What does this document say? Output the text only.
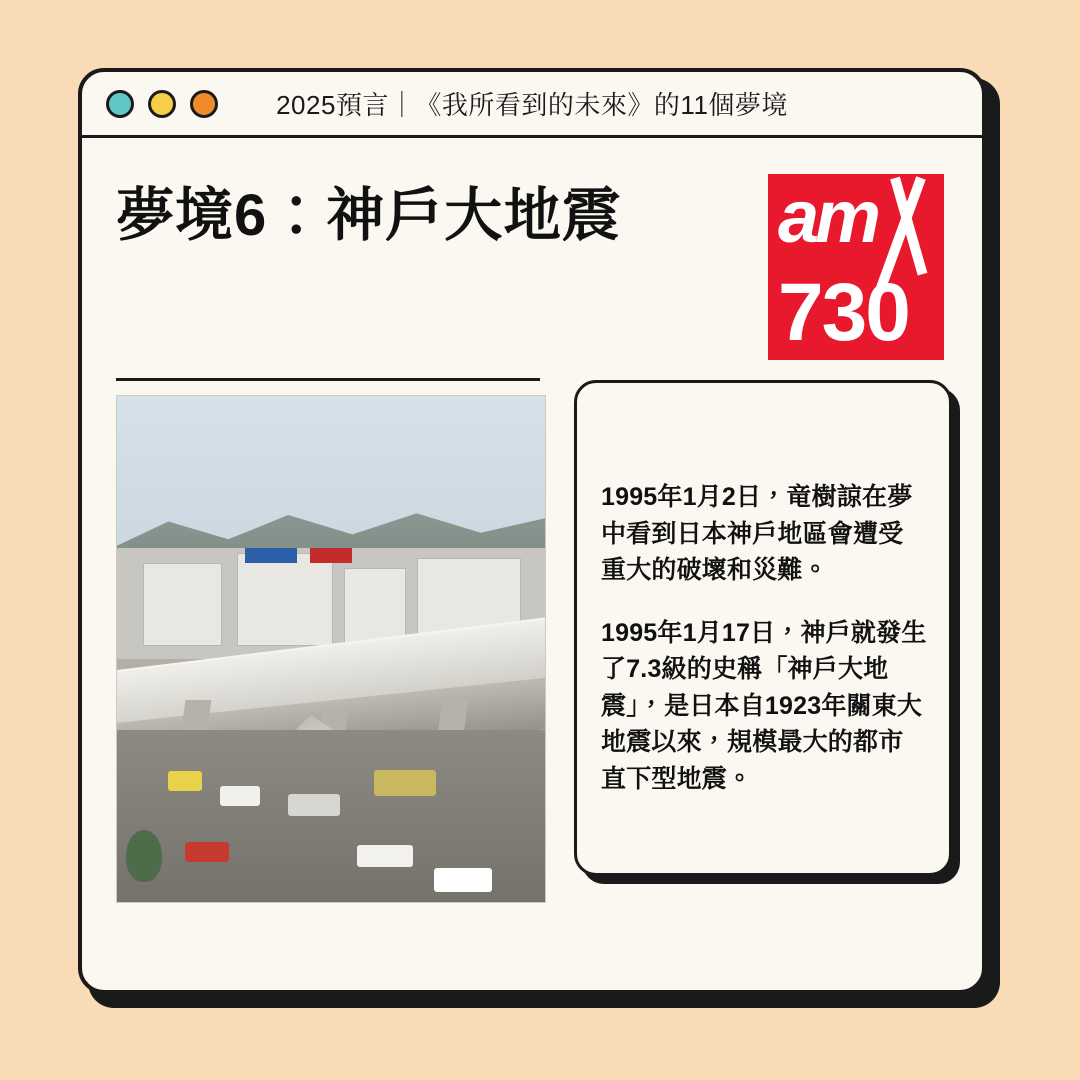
2025預言｜《我所看到的未來》的11個夢境
夢境6：神戶大地震 am
730

1995年1月2日，竜樹諒在夢中看到日本神戶地區會遭受重大的破壞和災難。

1995年1月17日，神戶就發生了7.3級的史稱「神戶大地震」，是日本自1923年關東大地震以來，規模最大的都市直下型地震。
